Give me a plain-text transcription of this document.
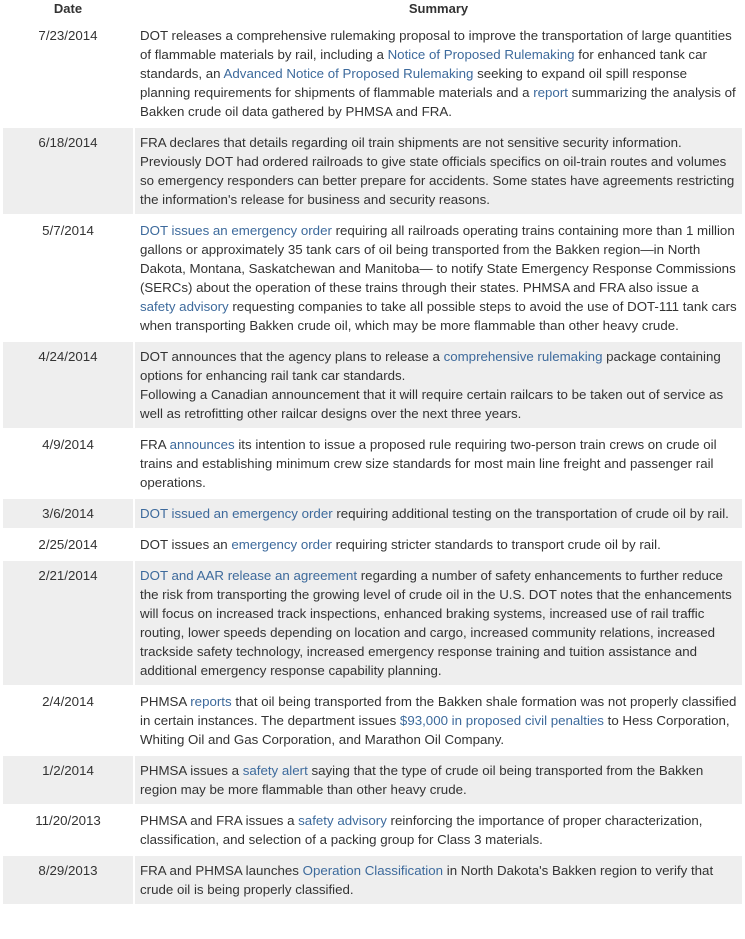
Date	Summary
7/23/2014	DOT releases a comprehensive rulemaking proposal to improve the transportation of large quantities of flammable materials by rail, including a Notice of Proposed Rulemaking for enhanced tank car standards, an Advanced Notice of Proposed Rulemaking seeking to expand oil spill response planning requirements for shipments of flammable materials and a report summarizing the analysis of Bakken crude oil data gathered by PHMSA and FRA.
6/18/2014	FRA declares that details regarding oil train shipments are not sensitive security information. Previously DOT had ordered railroads to give state officials specifics on oil-train routes and volumes so emergency responders can better prepare for accidents. Some states have agreements restricting the information's release for business and security reasons.
5/7/2014	DOT issues an emergency order requiring all railroads operating trains containing more than 1 million gallons or approximately 35 tank cars of oil being transported from the Bakken region—in North Dakota, Montana, Saskatchewan and Manitoba— to notify State Emergency Response Commissions (SERCs) about the operation of these trains through their states. PHMSA and FRA also issue a safety advisory requesting companies to take all possible steps to avoid the use of DOT-111 tank cars when transporting Bakken crude oil, which may be more flammable than other heavy crude.
4/24/2014	DOT announces that the agency plans to release a comprehensive rulemaking package containing options for enhancing rail tank car standards.
Following a Canadian announcement that it will require certain railcars to be taken out of service as well as retrofitting other railcar designs over the next three years.
4/9/2014	FRA announces its intention to issue a proposed rule requiring two-person train crews on crude oil trains and establishing minimum crew size standards for most main line freight and passenger rail operations.
3/6/2014	DOT issued an emergency order requiring additional testing on the transportation of crude oil by rail.
2/25/2014	DOT issues an emergency order requiring stricter standards to transport crude oil by rail.
2/21/2014	DOT and AAR release an agreement regarding a number of safety enhancements to further reduce the risk from transporting the growing level of crude oil in the U.S. DOT notes that the enhancements will focus on increased track inspections, enhanced braking systems, increased use of rail traffic routing, lower speeds depending on location and cargo, increased community relations, increased trackside safety technology, increased emergency response training and tuition assistance and additional emergency response capability planning.
2/4/2014	PHMSA reports that oil being transported from the Bakken shale formation was not properly classified in certain instances. The department issues $93,000 in proposed civil penalties to Hess Corporation, Whiting Oil and Gas Corporation, and Marathon Oil Company.
1/2/2014	PHMSA issues a safety alert saying that the type of crude oil being transported from the Bakken region may be more flammable than other heavy crude.
11/20/2013	PHMSA and FRA issues a safety advisory reinforcing the importance of proper characterization, classification, and selection of a packing group for Class 3 materials.
8/29/2013	FRA and PHMSA launches Operation Classification in North Dakota's Bakken region to verify that crude oil is being properly classified.
